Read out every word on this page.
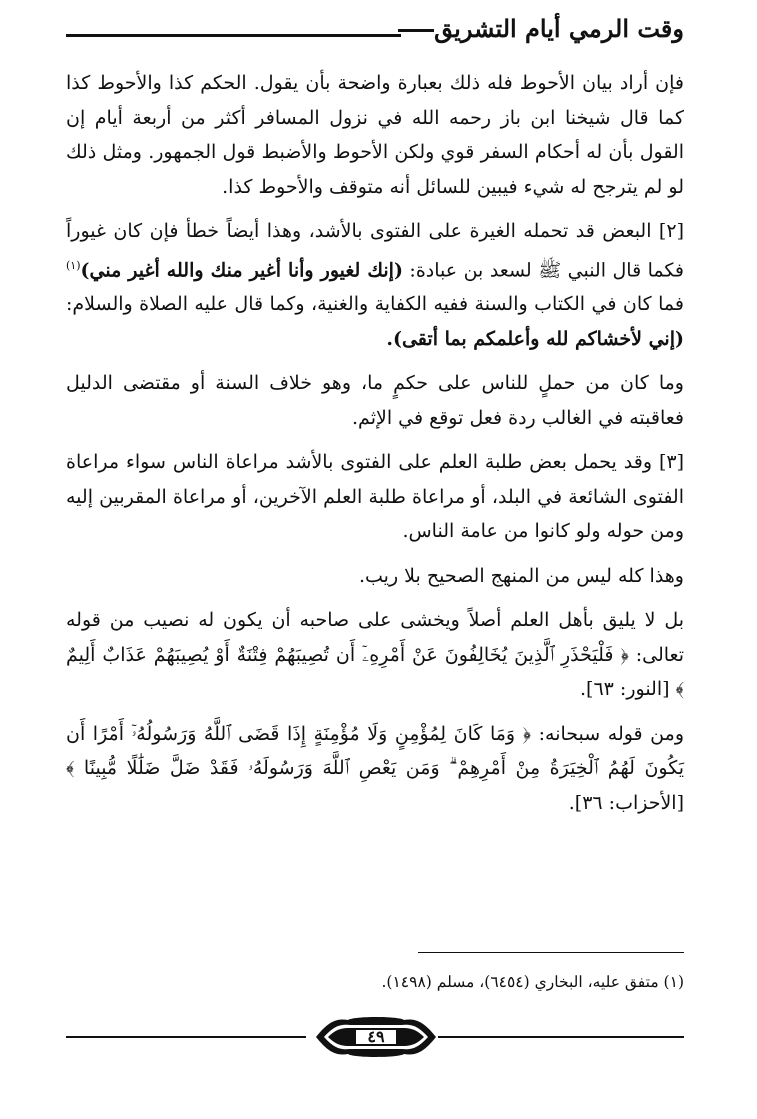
وقت الرمي أيام التشريق

فإن أراد بيان الأحوط فله ذلك بعبارة واضحة بأن يقول. الحكم كذا والأحوط كذا كما قال شيخنا ابن باز رحمه الله في نزول المسافر أكثر من أربعة أيام إن القول بأن له أحكام السفر قوي ولكن الأحوط والأضبط قول الجمهور. ومثل ذلك لو لم يترجح له شيء فيبين للسائل أنه متوقف والأحوط كذا.

[٢] البعض قد تحمله الغيرة على الفتوى بالأشد، وهذا أيضاً خطأ فإن كان غيوراً فكما قال النبي ﷺ لسعد بن عبادة: (إنك لغيور وأنا أغير منك والله أغير مني)$^{(١)}$ فما كان في الكتاب والسنة ففيه الكفاية والغنية، وكما قال عليه الصلاة والسلام: (إني لأخشاكم لله وأعلمكم بما أتقى).

وما كان من حملٍ للناس على حكمٍ ما، وهو خلاف السنة أو مقتضى الدليل فعاقبته في الغالب ردة فعل توقع في الإثم.

[٣] وقد يحمل بعض طلبة العلم على الفتوى بالأشد مراعاة الناس سواء مراعاة الفتوى الشائعة في البلد، أو مراعاة طلبة العلم الآخرين، أو مراعاة المقربين إليه ومن حوله ولو كانوا من عامة الناس.

وهذا كله ليس من المنهج الصحيح بلا ريب.

بل لا يليق بأهل العلم أصلاً ويخشى على صاحبه أن يكون له نصيب من قوله تعالى: ﴿ فَلْيَحْذَرِ ٱلَّذِينَ يُخَالِفُونَ عَنْ أَمْرِهِۦٓ أَن تُصِيبَهُمْ فِتْنَةٌ أَوْ يُصِيبَهُمْ عَذَابٌ أَلِيمٌ ﴾ [النور: ٦٣].

ومن قوله سبحانه: ﴿ وَمَا كَانَ لِمُؤْمِنٍ وَلَا مُؤْمِنَةٍ إِذَا قَضَى ٱللَّهُ وَرَسُولُهُۥٓ أَمْرًا أَن يَكُونَ لَهُمُ ٱلْخِيَرَةُ مِنْ أَمْرِهِمْ ۗ وَمَن يَعْصِ ٱللَّهَ وَرَسُولَهُۥ فَقَدْ ضَلَّ ضَلَٰلًا مُّبِينًا ﴾ [الأحزاب: ٣٦].

(١) متفق عليه، البخاري (٦٤٥٤)، مسلم (١٤٩٨).
٤٩
